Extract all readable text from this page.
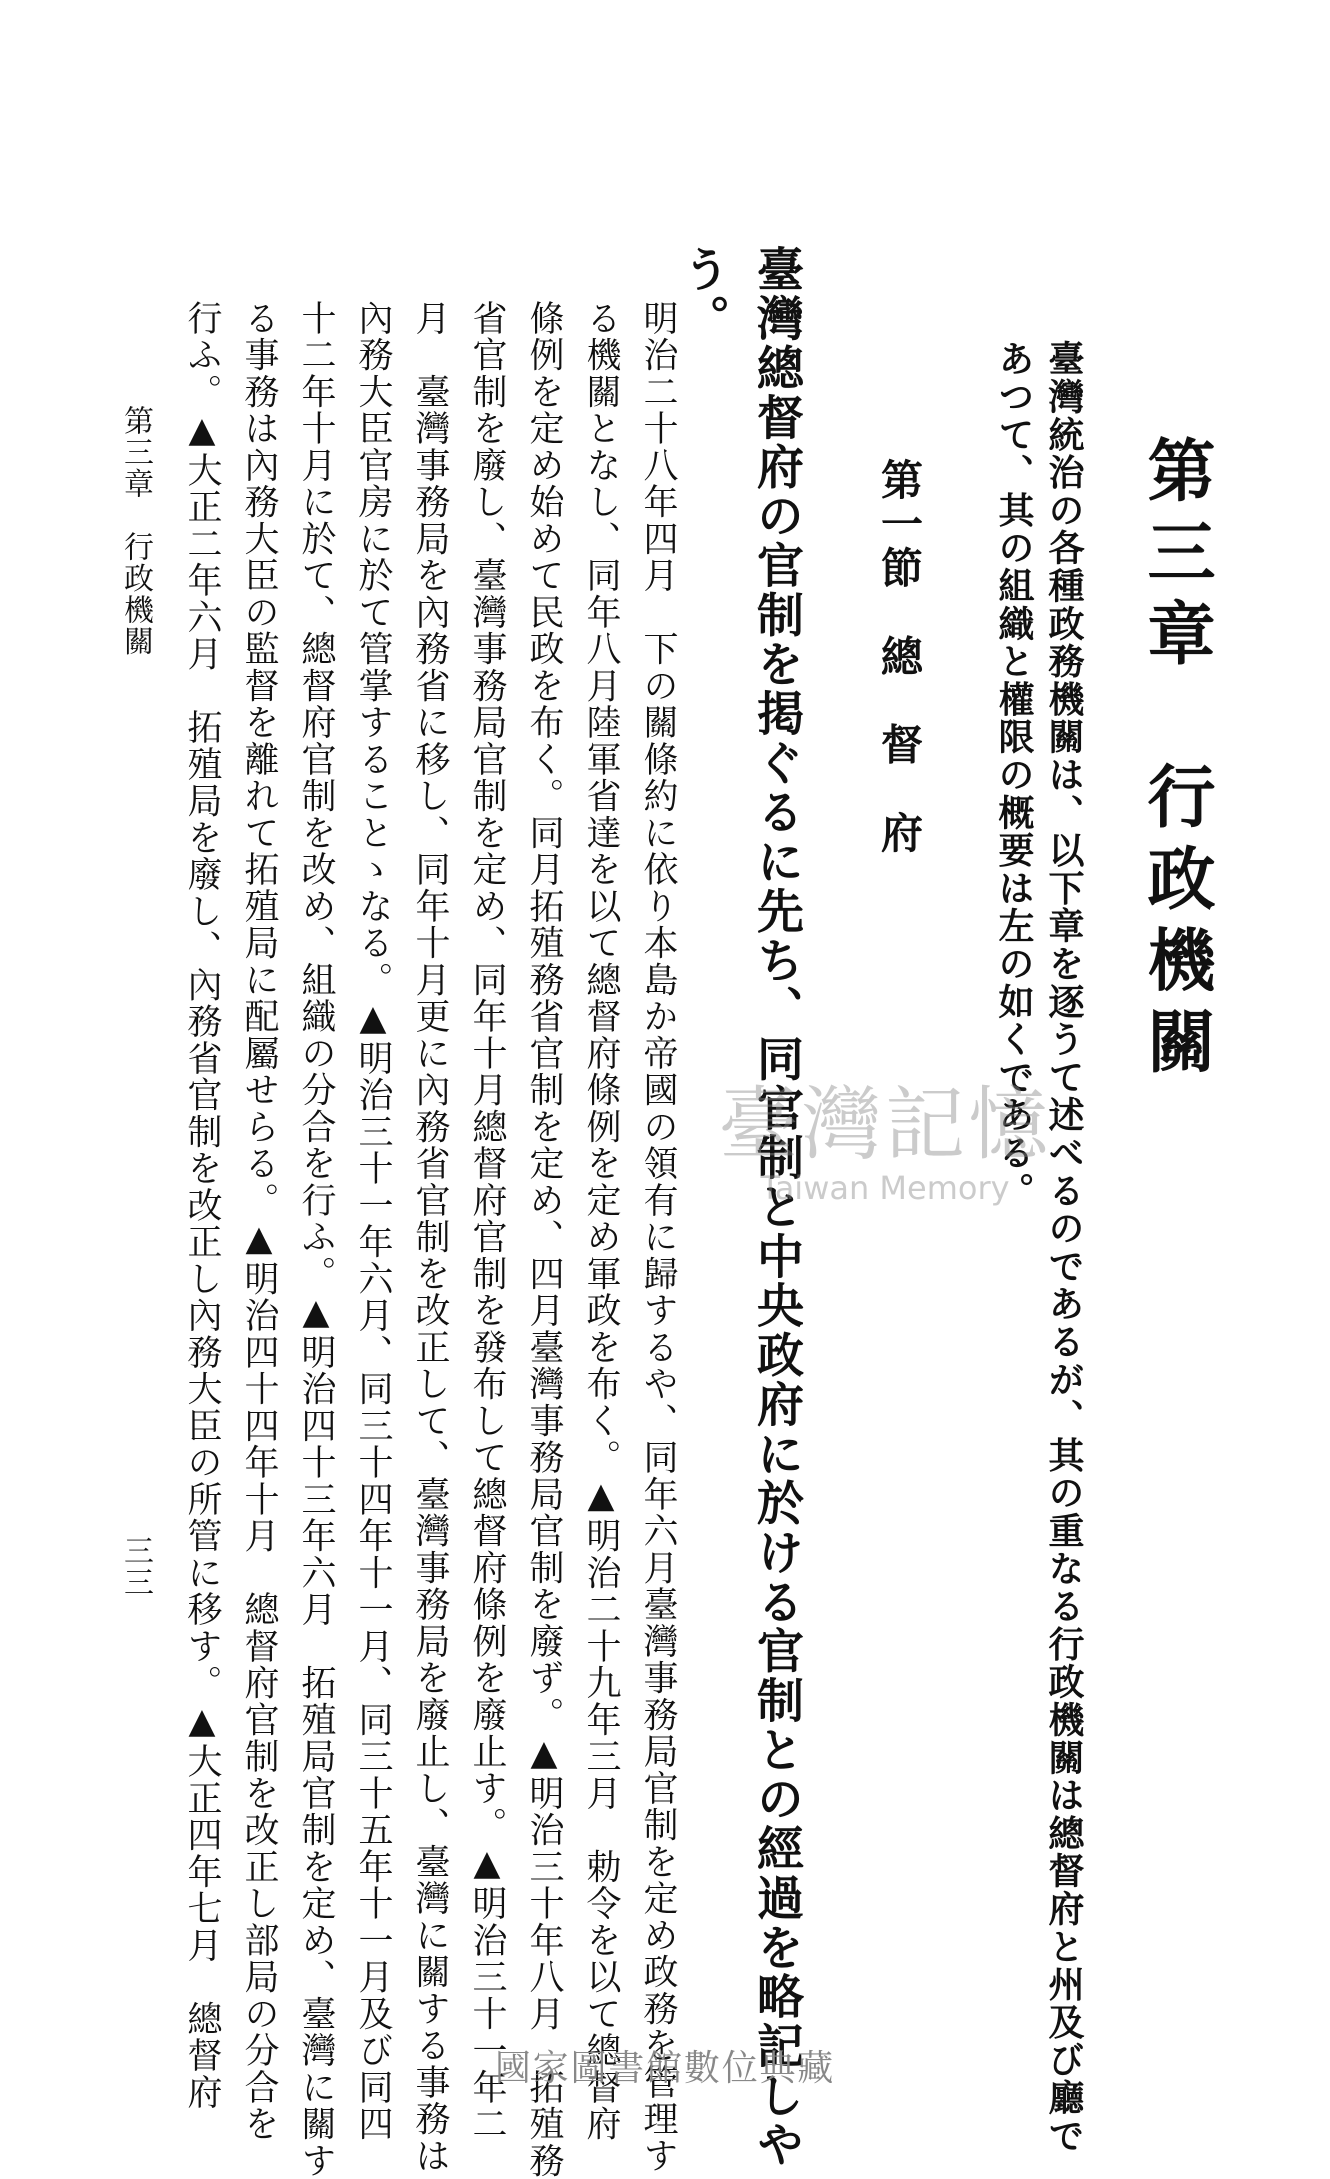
第三章　行政機關
臺灣統治の各種政務機關は、以下章を逐うて述べるのであるが、其の重なる行政機關は總督府と州及び廳で
あつて、其の組織と權限の概要は左の如くである。
第一節　總　督　府
臺灣總督府の官制を掲ぐるに先ち、同官制と中央政府に於ける官制との經過を略記しや
う。
明治二十八年四月　下の關條約に依り本島か帝國の領有に歸するや、同年六月臺灣事務局官制を定め政務を管理す
る機關となし、同年八月陸軍省達を以て總督府條例を定め軍政を布く。▲明治二十九年三月　勅令を以て總督府
條例を定め始めて民政を布く。同月拓殖務省官制を定め、四月臺灣事務局官制を廢ず。▲明治三十年八月　拓殖務
省官制を廢し、臺灣事務局官制を定め、同年十月總督府官制を發布して總督府條例を廢止す。▲明治三十一年二
月　臺灣事務局を內務省に移し、同年十月更に內務省官制を改正して、臺灣事務局を廢止し、臺灣に關する事務は
內務大臣官房に於て管掌することゝなる。▲明治三十一年六月、同三十四年十一月、同三十五年十一月及び同四
十二年十月に於て、總督府官制を改め、組織の分合を行ふ。▲明治四十三年六月　拓殖局官制を定め、臺灣に關す
る事務は內務大臣の監督を離れて拓殖局に配屬せらる。▲明治四十四年十月　總督府官制を改正し部局の分合を
行ふ。▲大正二年六月　拓殖局を廢し、內務省官制を改正し內務大臣の所管に移す。▲大正四年七月　總督府
第三章　行政機關
三三
臺灣記憶
Taiwan Memory
國家圖書館數位典藏
